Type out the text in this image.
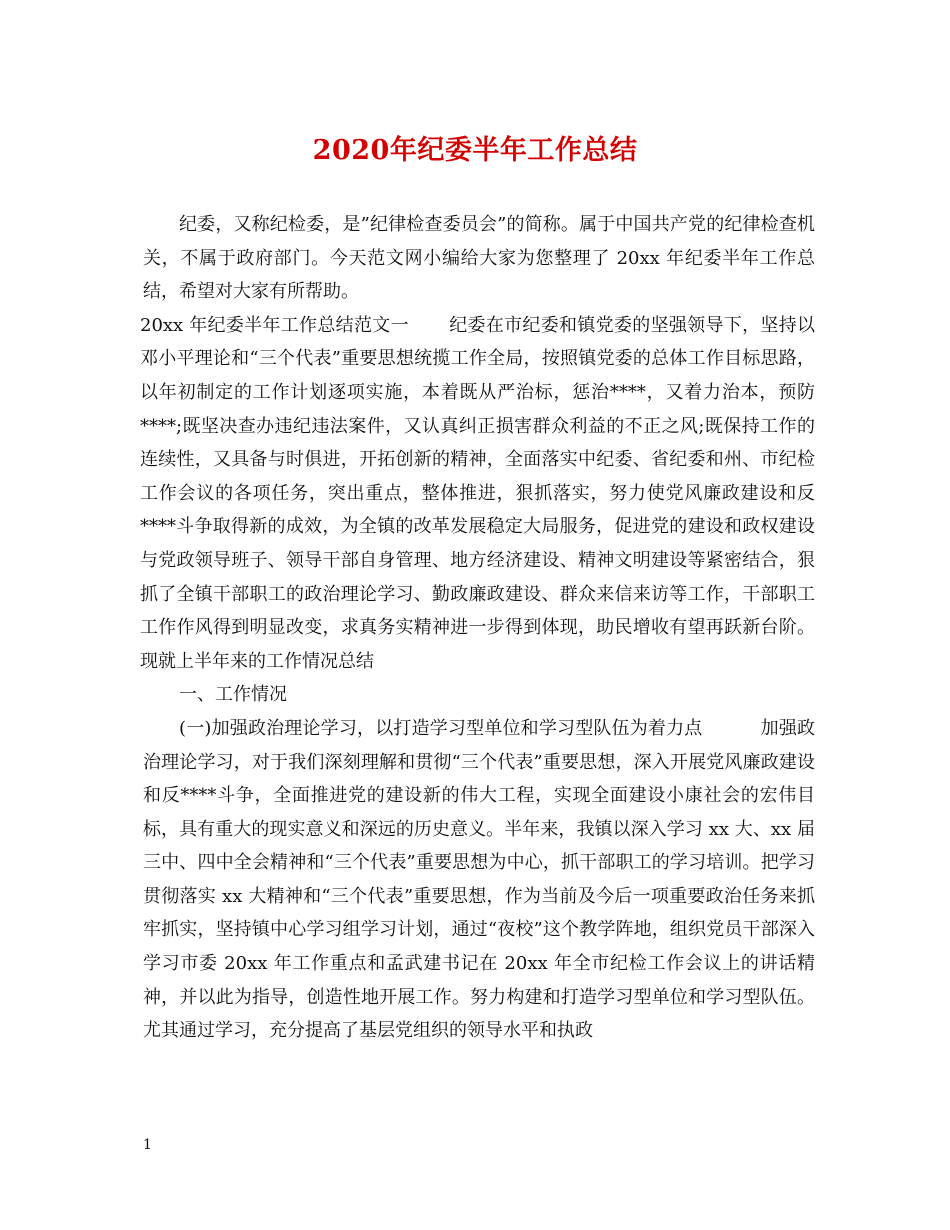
2020年纪委半年工作总结

纪委，又称纪检委，是”纪律检查委员会”的简称。属于中国共产党的纪律检查机关，不属于政府部门。今天范文网小编给大家为您整理了 20xx 年纪委半年工作总结，希望对大家有所帮助。

20xx 年纪委半年工作总结范文一 纪委在市纪委和镇党委的坚强领导下，坚持以邓小平理论和“三个代表”重要思想统揽工作全局，按照镇党委的总体工作目标思路，以年初制定的工作计划逐项实施，本着既从严治标，惩治****，又着力治本，预防****;既坚决查办违纪违法案件，又认真纠正损害群众利益的不正之风;既保持工作的连续性，又具备与时俱进，开拓创新的精神，全面落实中纪委、省纪委和州、市纪检工作会议的各项任务，突出重点，整体推进，狠抓落实，努力使党风廉政建设和反****斗争取得新的成效，为全镇的改革发展稳定大局服务，促进党的建设和政权建设与党政领导班子、领导干部自身管理、地方经济建设、精神文明建设等紧密结合，狠抓了全镇干部职工的政治理论学习、勤政廉政建设、群众来信来访等工作，干部职工工作作风得到明显改变，求真务实精神进一步得到体现，助民增收有望再跃新台阶。现就上半年来的工作情况总结

一、工作情况

(一)加强政治理论学习，以打造学习型单位和学习型队伍为着力点	加强政治理论学习，对于我们深刻理解和贯彻“三个代表”重要思想，深入开展党风廉政建设和反****斗争，全面推进党的建设新的伟大工程，实现全面建设小康社会的宏伟目标，具有重大的现实意义和深远的历史意义。半年来，我镇以深入学习 xx 大、xx 届三中、四中全会精神和“三个代表”重要思想为中心，抓干部职工的学习培训。把学习贯彻落实 xx 大精神和“三个代表”重要思想，作为当前及今后一项重要政治任务来抓牢抓实，坚持镇中心学习组学习计划，通过“夜校”这个教学阵地，组织党员干部深入学习市委 20xx 年工作重点和孟武建书记在 20xx 年全市纪检工作会议上的讲话精神，并以此为指导，创造性地开展工作。努力构建和打造学习型单位和学习型队伍。尤其通过学习，充分提高了基层党组织的领导水平和执政

1
